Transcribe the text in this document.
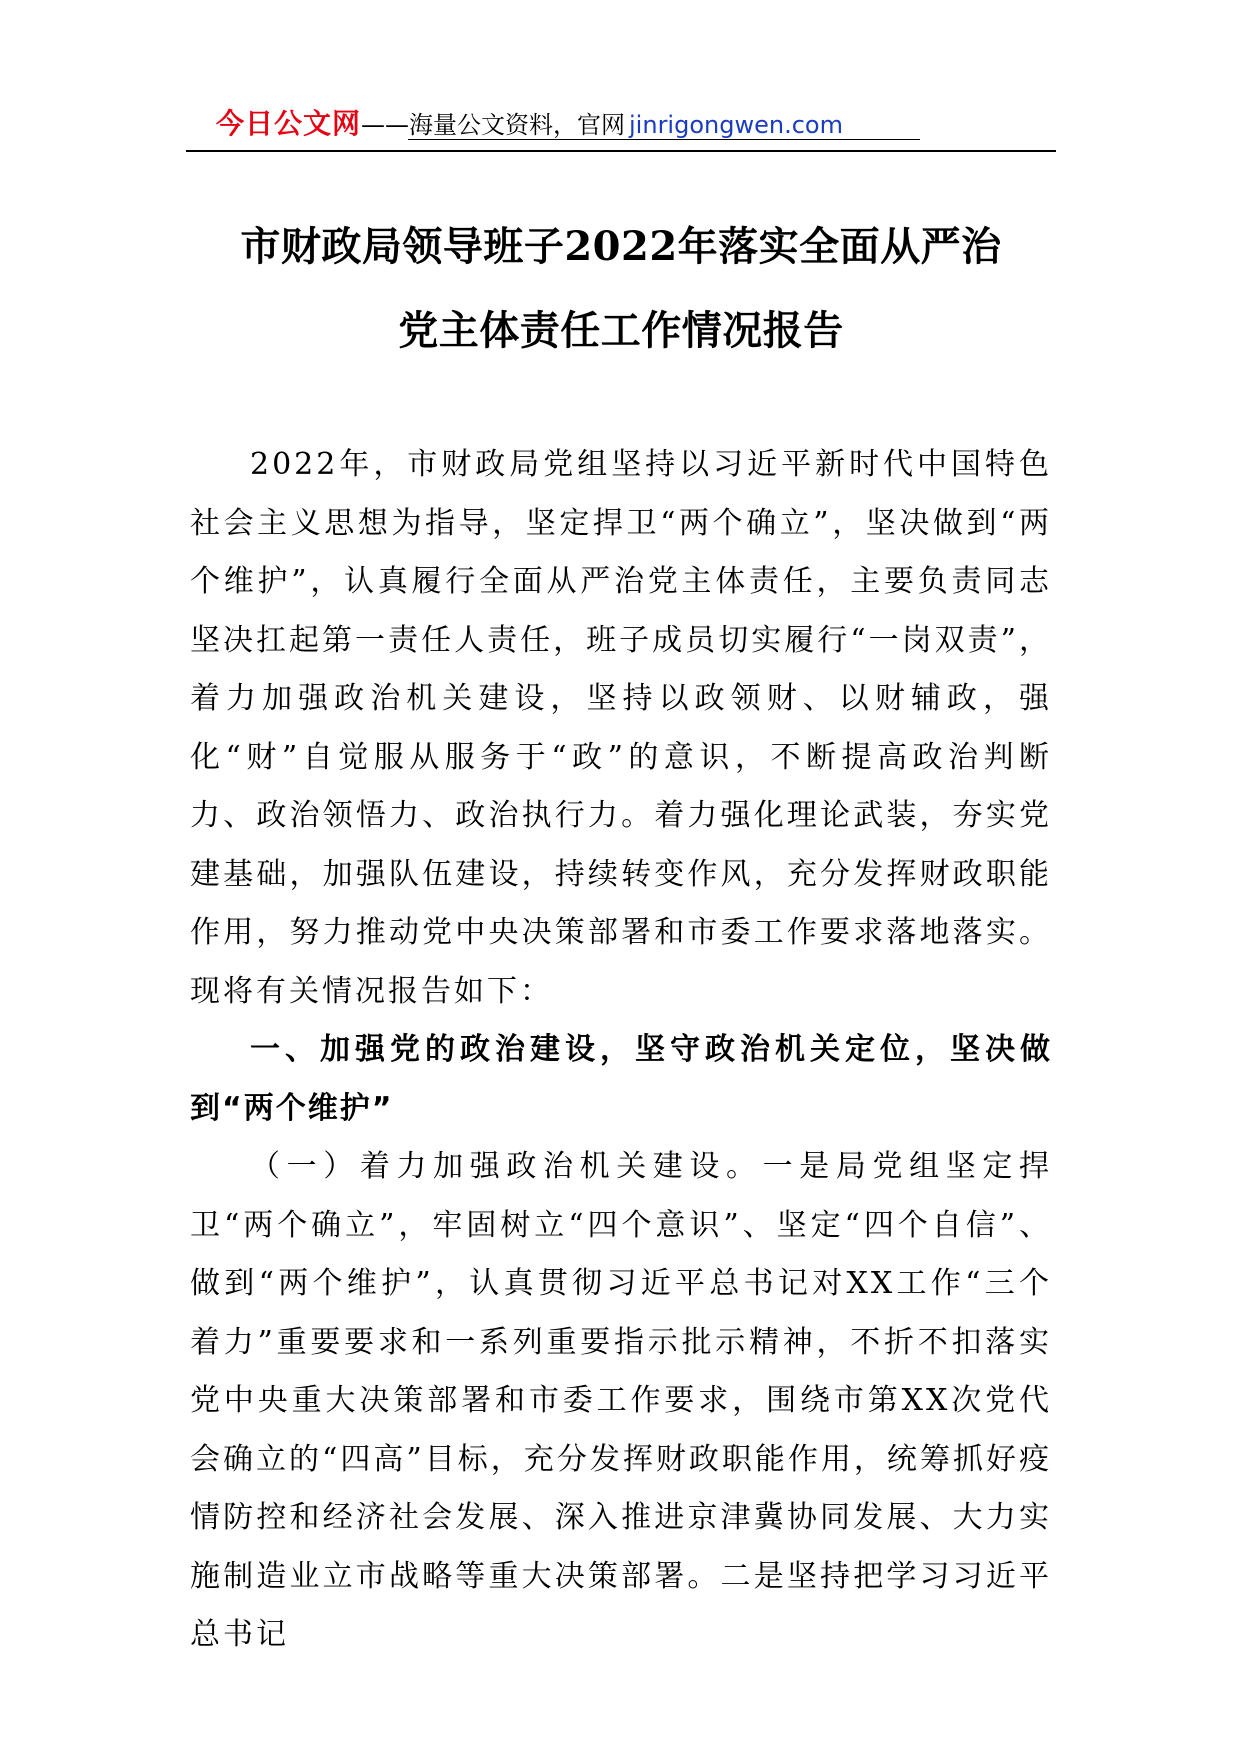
今日公文网 —— 海量公文资料，官网 jinrigongwen.com
市财政局领导班子2022年落实全面从严治
党主体责任工作情况报告

2022年，市财政局党组坚持以习近平新时代中国特色社会主义思想为指导，坚定捍卫“两个确立”，坚决做到“两个维护”，认真履行全面从严治党主体责任，主要负责同志坚决扛起第一责任人责任，班子成员切实履行“一岗双责”，着力加强政治机关建设，坚持以政领财、以财辅政，强化“财”自觉服从服务于“政”的意识，不断提高政治判断力、政治领悟力、政治执行力。着力强化理论武装，夯实党建基础，加强队伍建设，持续转变作风，充分发挥财政职能作用，努力推动党中央决策部署和市委工作要求落地落实。现将有关情况报告如下：

一、加强党的政治建设，坚守政治机关定位，坚决做到“两个维护”

（一）着力加强政治机关建设。一是局党组坚定捍卫“两个确立”，牢固树立“四个意识”、坚定“四个自信”、做到“两个维护”，认真贯彻习近平总书记对XX工作“三个着力”重要要求和一系列重要指示批示精神，不折不扣落实党中央重大决策部署和市委工作要求，围绕市第XX次党代会确立的“四高”目标，充分发挥财政职能作用，统筹抓好疫情防控和经济社会发展、深入推进京津冀协同发展、大力实施制造业立市战略等重大决策部署。二是坚持把学习习近平总书记
